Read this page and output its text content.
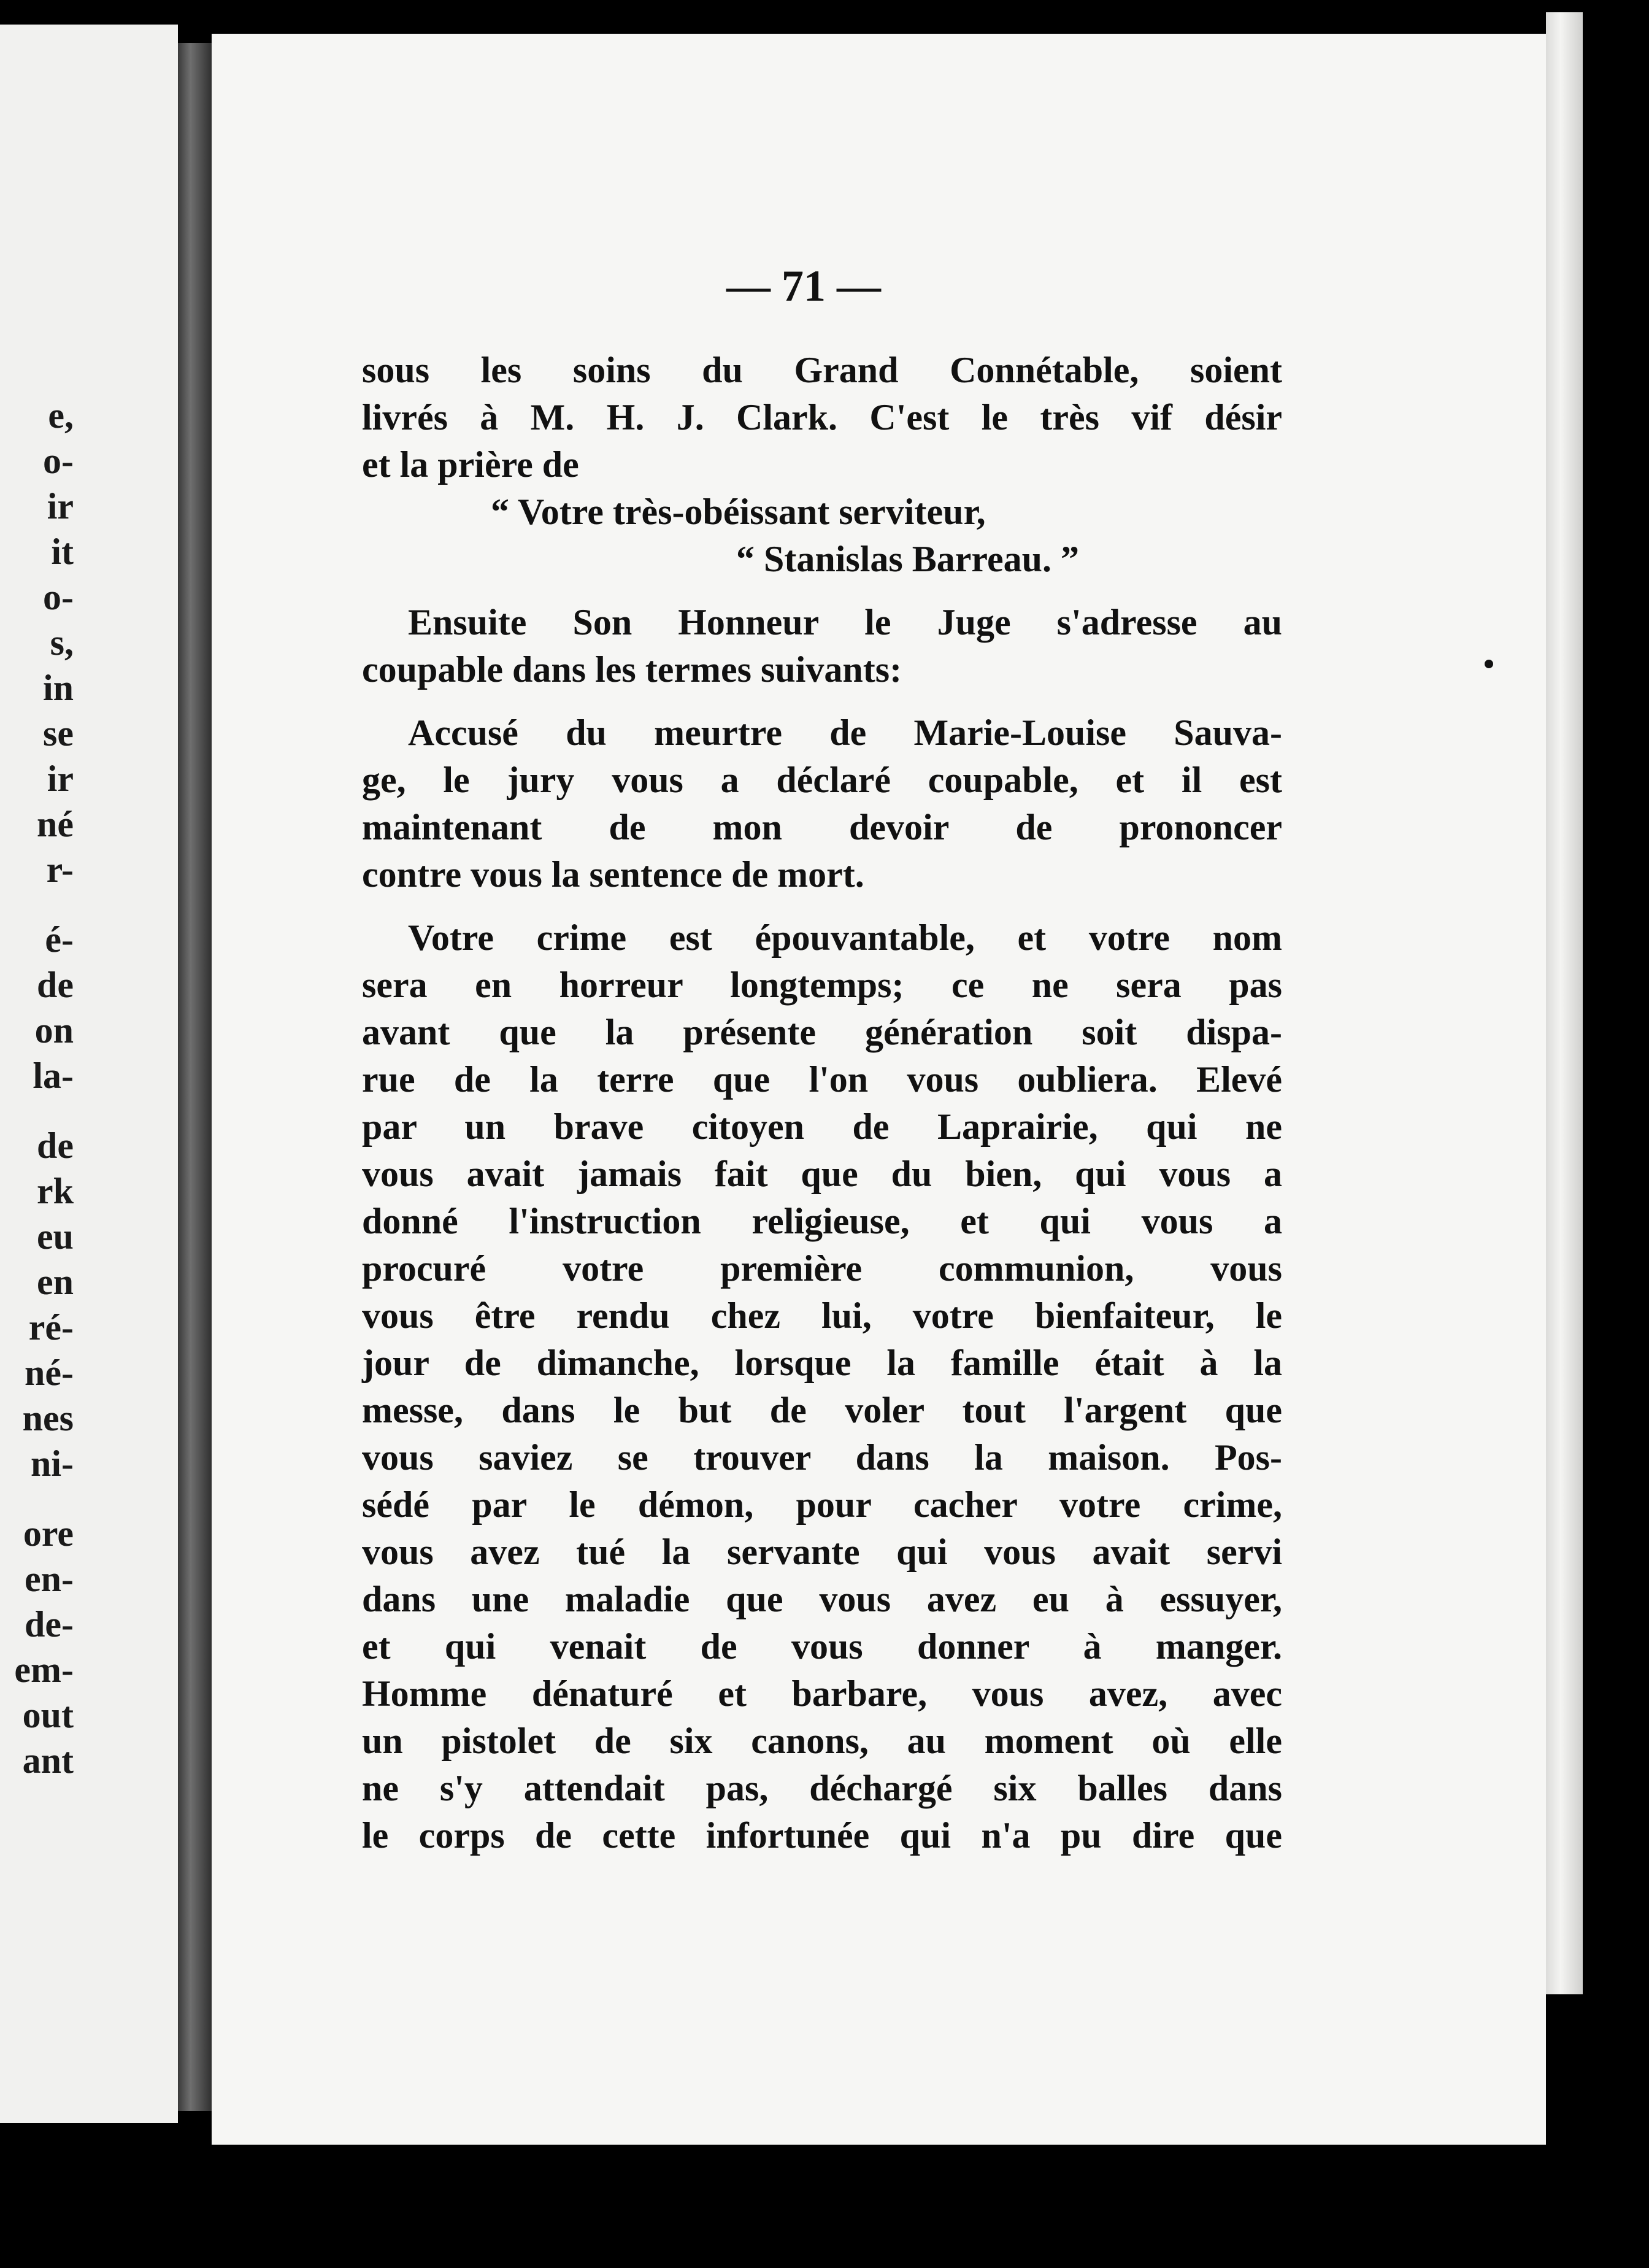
e,
o-
ir
it
o-
s,
in
se
ir
né
r-
é-
de
on
la-
de
rk
eu
en
ré-
né-
nes
ni-
ore
en-
de-
em-
out
ant
— 71 —
sous les soins du Grand Connétable, soient
livrés à M. H. J. Clark. C'est le très vif désir
et la prière de
“ Votre très-obéissant serviteur,
“ Stanislas Barreau. ”
Ensuite Son Honneur le Juge s'adresse au
coupable dans les termes suivants:
Accusé du meurtre de Marie-Louise Sauva-
ge, le jury vous a déclaré coupable, et il est
maintenant de mon devoir de prononcer
contre vous la sentence de mort.
Votre crime est épouvantable, et votre nom
sera en horreur longtemps; ce ne sera pas
avant que la présente génération soit dispa-
rue de la terre que l'on vous oubliera. Elevé
par un brave citoyen de Laprairie, qui ne
vous avait jamais fait que du bien, qui vous a
donné l'instruction religieuse, et qui vous a
procuré votre première communion, vous
vous être rendu chez lui, votre bienfaiteur, le
jour de dimanche, lorsque la famille était à la
messe, dans le but de voler tout l'argent que
vous saviez se trouver dans la maison. Pos-
sédé par le démon, pour cacher votre crime,
vous avez tué la servante qui vous avait servi
dans une maladie que vous avez eu à essuyer,
et qui venait de vous donner à manger.
Homme dénaturé et barbare, vous avez, avec
un pistolet de six canons, au moment où elle
ne s'y attendait pas, déchargé six balles dans
le corps de cette infortunée qui n'a pu dire que
